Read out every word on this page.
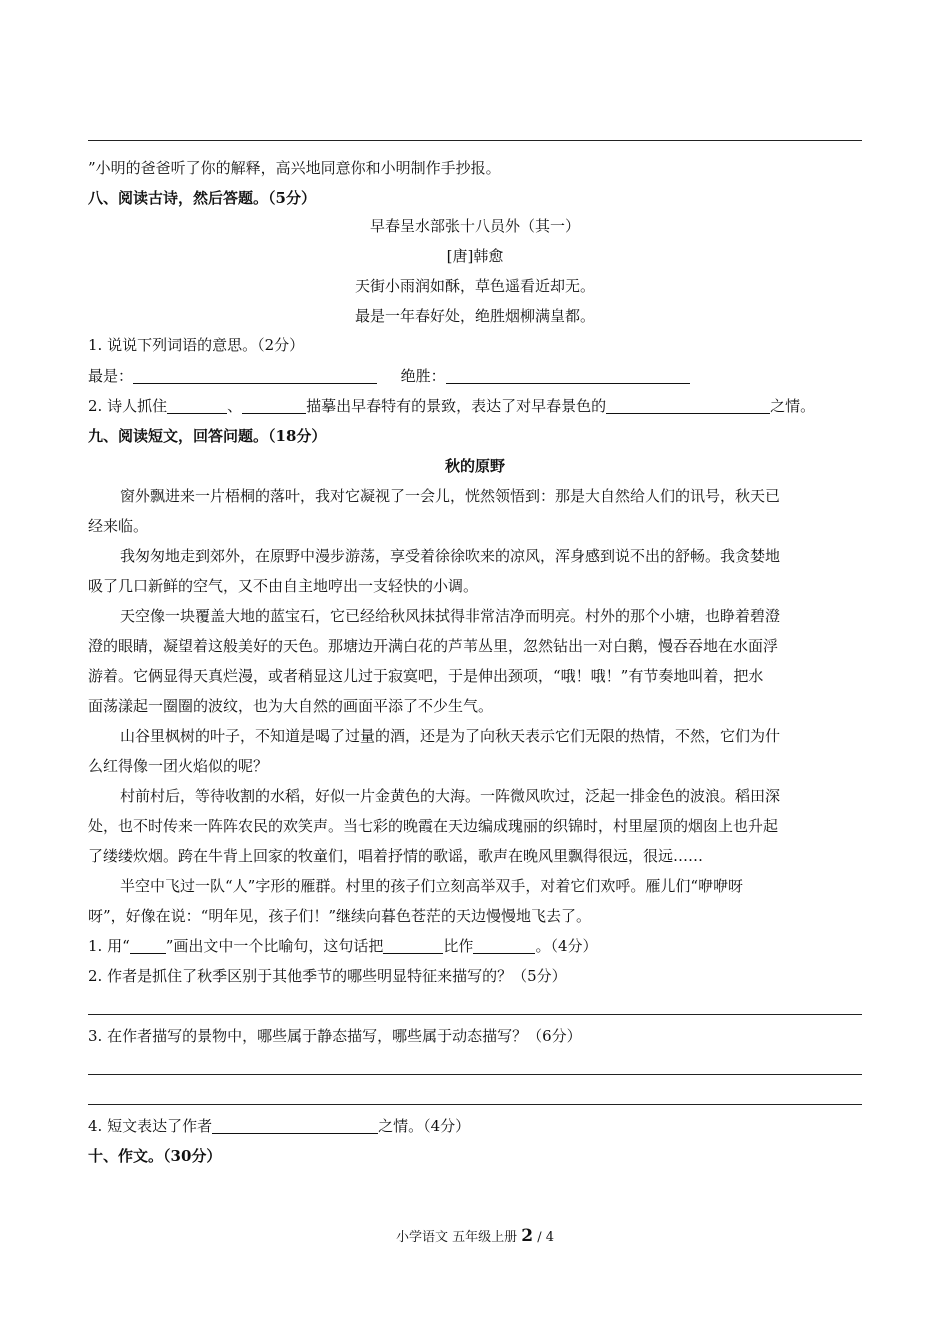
”小明的爸爸听了你的解释，高兴地同意你和小明制作手抄报。
八、阅读古诗，然后答题。（5分）
早春呈水部张十八员外（其一）
[唐]韩愈
天街小雨润如酥，草色遥看近却无。
最是一年春好处，绝胜烟柳满皇都。
1. 说说下列词语的意思。（2分）
最是：	绝胜：
2. 诗人抓住	、	描摹出早春特有的景致，表达了对早春景色的	之情。
九、阅读短文，回答问题。（18分）
秋的原野
窗外飘进来一片梧桐的落叶，我对它凝视了一会儿，恍然领悟到：那是大自然给人们的讯号，秋天已
经来临。
我匆匆地走到郊外，在原野中漫步游荡，享受着徐徐吹来的凉风，浑身感到说不出的舒畅。我贪婪地
吸了几口新鲜的空气，又不由自主地哼出一支轻快的小调。
天空像一块覆盖大地的蓝宝石，它已经给秋风抹拭得非常洁净而明亮。村外的那个小塘，也睁着碧澄
澄的眼睛，凝望着这般美好的天色。那塘边开满白花的芦苇丛里，忽然钻出一对白鹅，慢吞吞地在水面浮
游着。它俩显得天真烂漫，或者稍显这儿过于寂寞吧，于是伸出颈项，“哦！哦！”有节奏地叫着，把水
面荡漾起一圈圈的波纹，也为大自然的画面平添了不少生气。
山谷里枫树的叶子，不知道是喝了过量的酒，还是为了向秋天表示它们无限的热情，不然，它们为什
么红得像一团火焰似的呢？
村前村后，等待收割的水稻，好似一片金黄色的大海。一阵微风吹过，泛起一排金色的波浪。稻田深
处，也不时传来一阵阵农民的欢笑声。当七彩的晚霞在天边编成瑰丽的织锦时，村里屋顶的烟囱上也升起
了缕缕炊烟。跨在牛背上回家的牧童们，唱着抒情的歌谣，歌声在晚风里飘得很远，很远……
半空中飞过一队“人”字形的雁群。村里的孩子们立刻高举双手，对着它们欢呼。雁儿们“咿咿呀
呀”，好像在说：“明年见，孩子们！”继续向暮色苍茫的天边慢慢地飞去了。
1. 用“ ”画出文中一个比喻句，这句话把	比作	。（4分）
2. 作者是抓住了秋季区别于其他季节的哪些明显特征来描写的？（5分）
3. 在作者描写的景物中，哪些属于静态描写，哪些属于动态描写？（6分）
4. 短文表达了作者	之情。（4分）
十、作文。（30分）
小学语文 五年级上册 2 / 4
